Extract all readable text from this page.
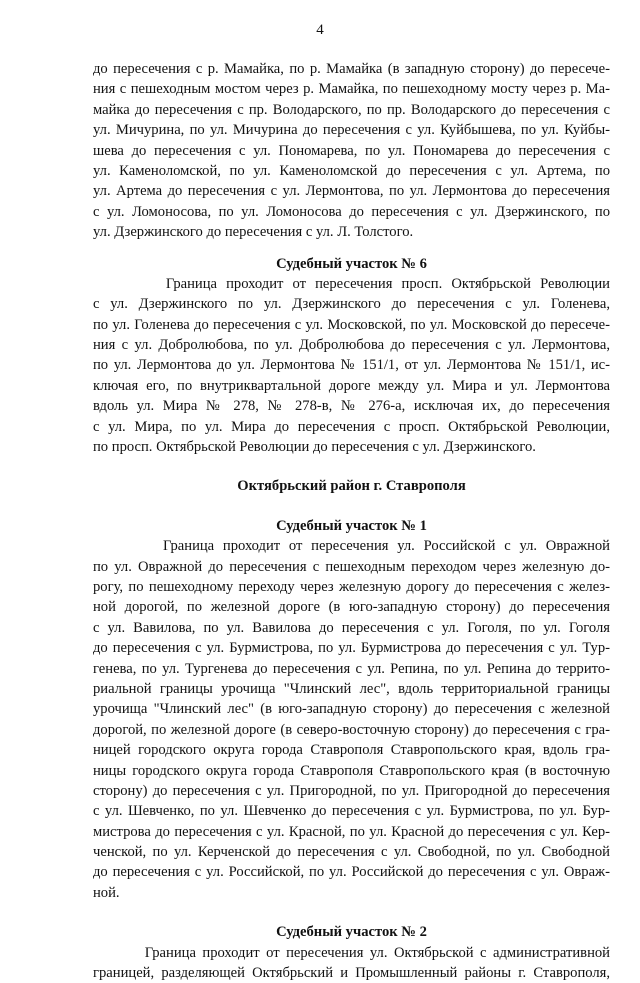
4
до пересечения с р. Мамайка, по р. Мамайка (в западную сторону) до пересече-
ния с пешеходным мостом через р. Мамайка, по пешеходному мосту через р. Ма-
майка до пересечения с пр. Володарского, по пр. Володарского до пересечения с
ул. Мичурина, по ул. Мичурина до пересечения с ул. Куйбышева, по ул. Куйбы-
шева до пересечения с ул. Пономарева, по ул. Пономарева до пересечения с
ул. Каменоломской, по ул. Каменоломской до пересечения с ул. Артема, по
ул. Артема до пересечения с ул. Лермонтова, по ул. Лермонтова до пересечения
с ул. Ломоносова, по ул. Ломоносова до пересечения с ул. Дзержинского, по
ул. Дзержинского до пересечения с ул. Л. Толстого.
Судебный участок № 6
Граница проходит от пересечения просп. Октябрьской Революции
с ул. Дзержинского по ул. Дзержинского до пересечения с ул. Голенева,
по ул. Голенева до пересечения с ул. Московской, по ул. Московской до пересече-
ния с ул. Добролюбова, по ул. Добролюбова до пересечения с ул. Лермонтова,
по ул. Лермонтова до ул. Лермонтова № 151/1, от ул. Лермонтова № 151/1, ис-
ключая его, по внутриквартальной дороге между ул. Мира и ул. Лермонтова
вдоль ул. Мира № 278, № 278-в, № 276-а, исключая их, до пересечения
с ул. Мира, по ул. Мира до пересечения с просп. Октябрьской Революции,
по просп. Октябрьской Революции до пересечения с ул. Дзержинского.
Октябрьский район г. Ставрополя
Судебный участок № 1
Граница проходит от пересечения ул. Российской с ул. Овражной
по ул. Овражной до пересечения с пешеходным переходом через железную до-
рогу, по пешеходному переходу через железную дорогу до пересечения с желез-
ной дорогой, по железной дороге (в юго-западную сторону) до пересечения
с ул. Вавилова, по ул. Вавилова до пересечения с ул. Гоголя, по ул. Гоголя
до пересечения с ул. Бурмистрова, по ул. Бурмистрова до пересечения с ул. Тур-
генева, по ул. Тургенева до пересечения с ул. Репина, по ул. Репина до террито-
риальной границы урочища "Члинский лес", вдоль территориальной границы
урочища "Члинский лес" (в юго-западную сторону) до пересечения с железной
дорогой, по железной дороге (в северо-восточную сторону) до пересечения с гра-
ницей городского округа города Ставрополя Ставропольского края, вдоль гра-
ницы городского округа города Ставрополя Ставропольского края (в восточную
сторону) до пересечения с ул. Пригородной, по ул. Пригородной до пересечения
с ул. Шевченко, по ул. Шевченко до пересечения с ул. Бурмистрова, по ул. Бур-
мистрова до пересечения с ул. Красной, по ул. Красной до пересечения с ул. Кер-
ченской, по ул. Керченской до пересечения с ул. Свободной, по ул. Свободной
до пересечения с ул. Российской, по ул. Российской до пересечения с ул. Овраж-
ной.
Судебный участок № 2
Граница проходит от пересечения ул. Октябрьской с административной
границей, разделяющей Октябрьский и Промышленный районы г. Ставрополя,
